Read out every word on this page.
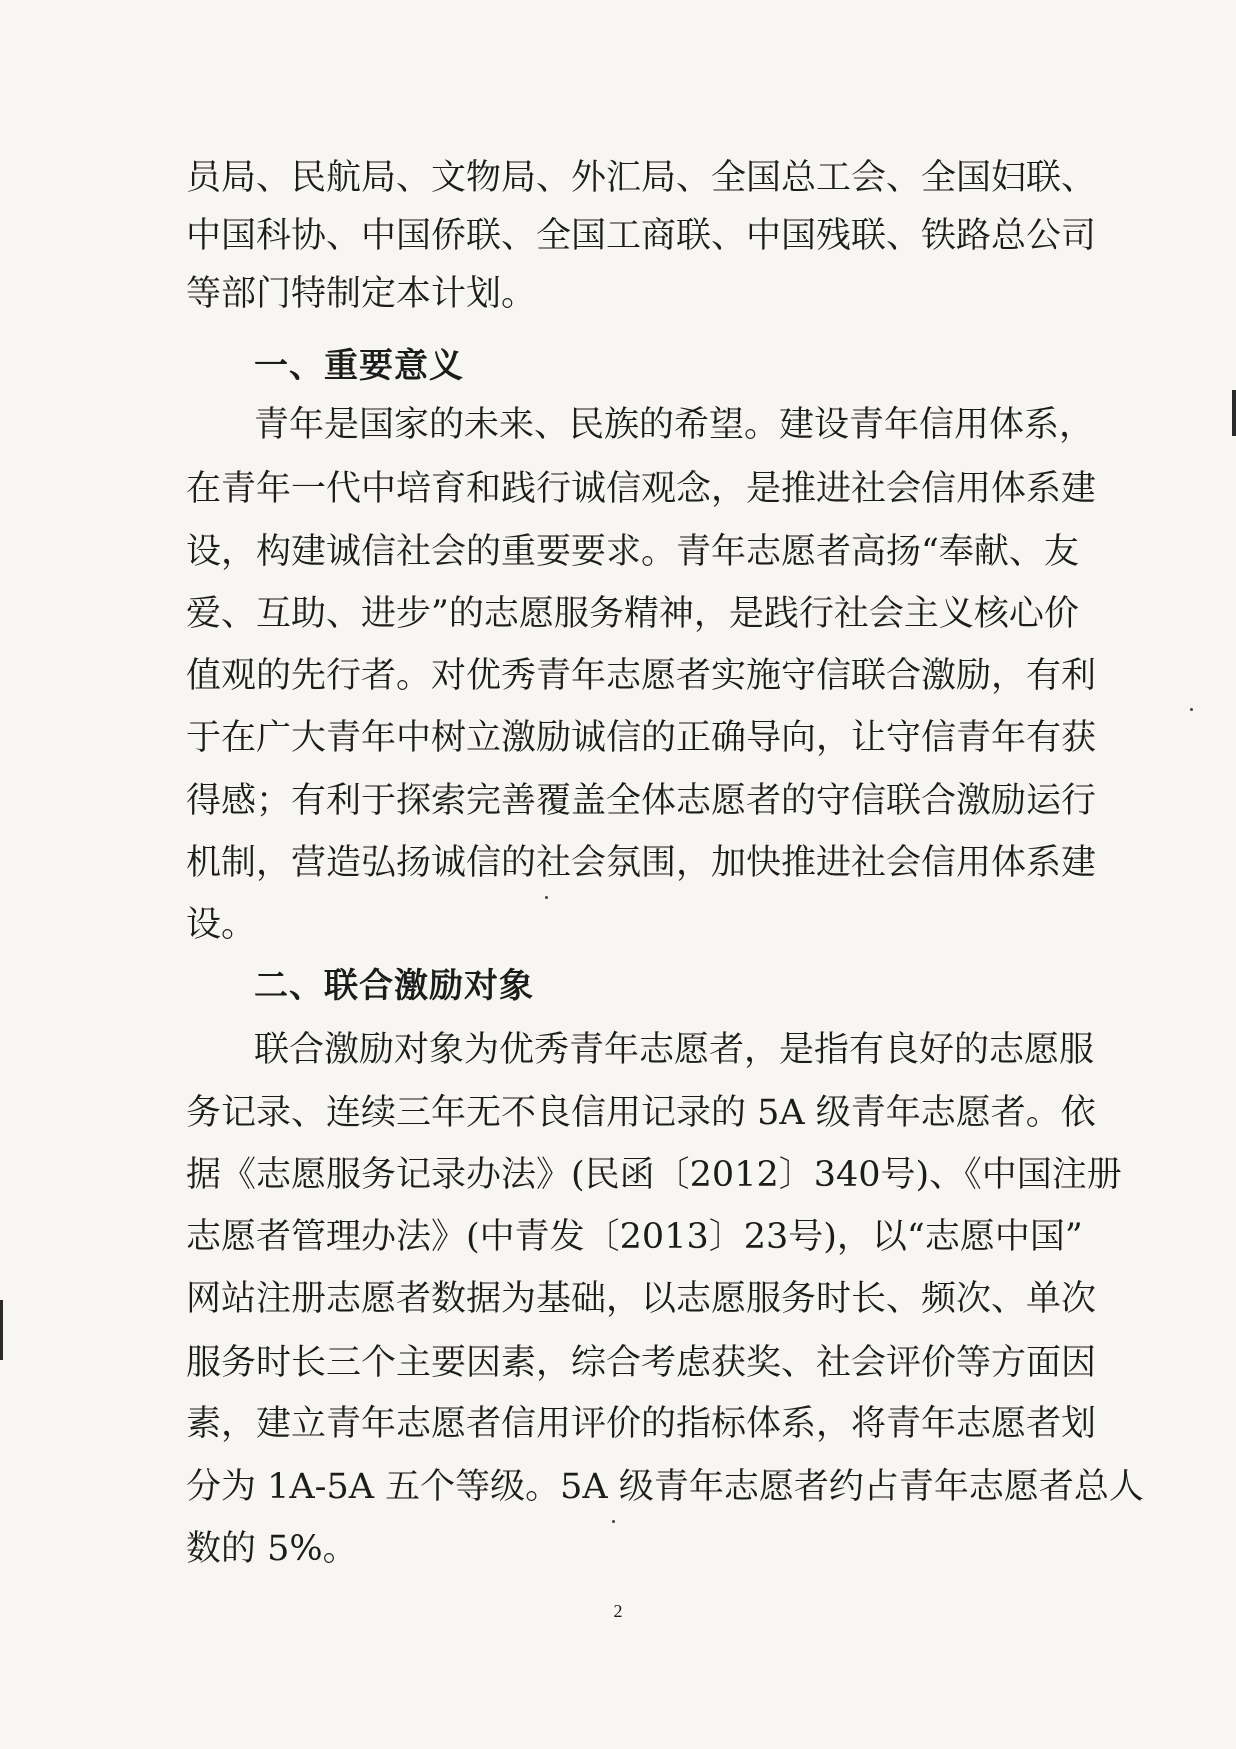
员局、民航局、文物局、外汇局、全国总工会、全国妇联、
中国科协、中国侨联、全国工商联、中国残联、铁路总公司
等部门特制定本计划。
一、重要意义
青年是国家的未来、民族的希望。建设青年信用体系，
在青年一代中培育和践行诚信观念，是推进社会信用体系建
设，构建诚信社会的重要要求。青年志愿者高扬“奉献、友
爱、互助、进步”的志愿服务精神，是践行社会主义核心价
值观的先行者。对优秀青年志愿者实施守信联合激励，有利
于在广大青年中树立激励诚信的正确导向，让守信青年有获
得感；有利于探索完善覆盖全体志愿者的守信联合激励运行
机制，营造弘扬诚信的社会氛围，加快推进社会信用体系建
设。
二、联合激励对象
联合激励对象为优秀青年志愿者，是指有良好的志愿服
务记录、连续三年无不良信用记录的 5A 级青年志愿者。依
据《志愿服务记录办法》(民函〔2012〕340号)、《中国注册
志愿者管理办法》(中青发〔2013〕23号)，以“志愿中国”
网站注册志愿者数据为基础，以志愿服务时长、频次、单次
服务时长三个主要因素，综合考虑获奖、社会评价等方面因
素，建立青年志愿者信用评价的指标体系，将青年志愿者划
分为 1A-5A 五个等级。5A 级青年志愿者约占青年志愿者总人
数的 5%。
2
